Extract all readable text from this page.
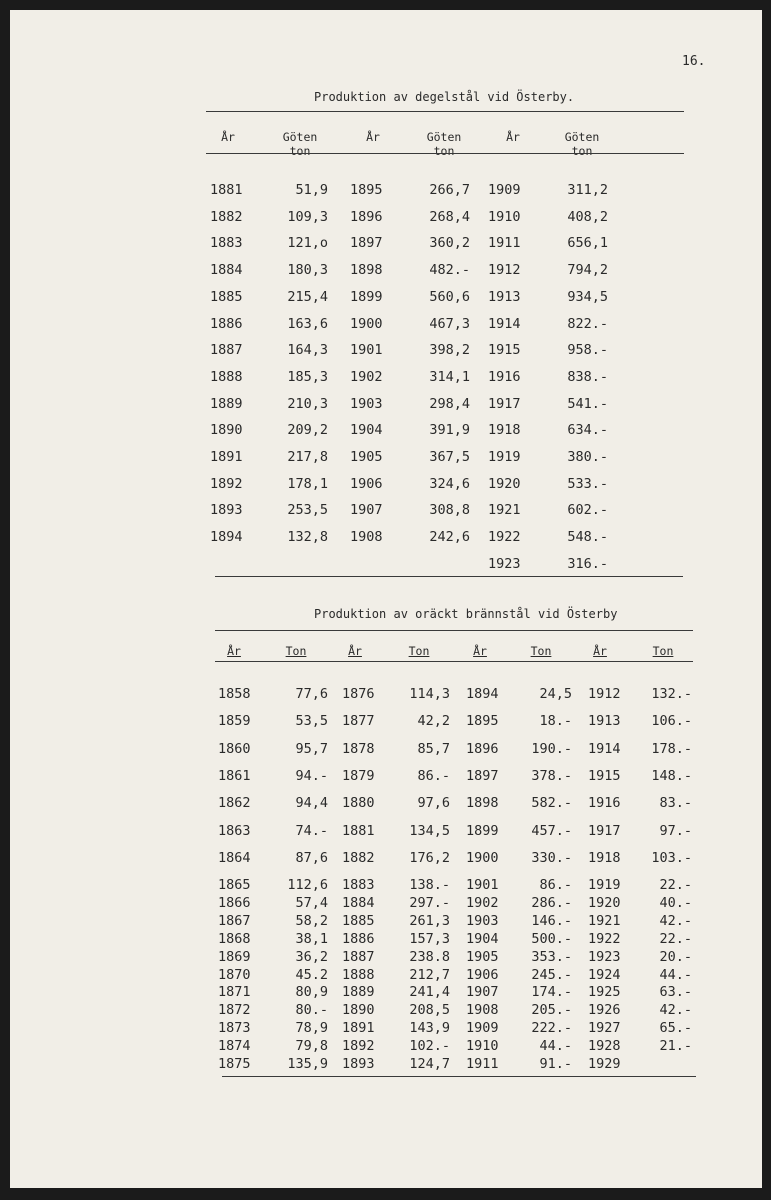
16.
Produktion av degelstål vid Österby.
År	Göten
ton
År	Göten
ton
År	Göten
ton
1881	51,9 1895	266,7 1909	311,2
1882	109,3 1896	268,4 1910	408,2
1883	121,o 1897	360,2 1911	656,1
1884	180,3 1898	482.- 1912	794,2
1885	215,4 1899	560,6 1913	934,5
1886	163,6 1900	467,3 1914	822.-
1887	164,3 1901	398,2 1915	958.-
1888	185,3 1902	314,1 1916	838.-
1889	210,3 1903	298,4 1917	541.-
1890	209,2 1904	391,9 1918	634.-
1891	217,8 1905	367,5 1919	380.-
1892	178,1 1906	324,6 1920	533.-
1893	253,5 1907	308,8 1921	602.-
1894	132,8 1908	242,6 1922	548.-
1923	316.-
Produktion av oräckt brännstål vid Österby
År	Ton	År	Ton	År	Ton	År	Ton
1858	77,6 1876	114,3 1894	24,5 1912	132.-
1859	53,5 1877	42,2 1895	18.- 1913	106.-
1860	95,7 1878	85,7 1896	190.- 1914	178.-
1861	94.- 1879	86.- 1897	378.- 1915	148.-
1862	94,4 1880	97,6 1898	582.- 1916	83.-
1863	74.- 1881	134,5 1899	457.- 1917	97.-
1864	87,6 1882	176,2 1900	330.- 1918	103.-
1865	112,6 1883	138.- 1901	86.- 1919	22.-
1866	57,4 1884	297.- 1902	286.- 1920	40.-
1867	58,2 1885	261,3 1903	146.- 1921	42.-
1868	38,1 1886	157,3 1904	500.- 1922	22.-
1869	36,2 1887	238.8 1905	353.- 1923	20.-
1870	45.2 1888	212,7 1906	245.- 1924	44.-
1871	80,9 1889	241,4 1907	174.- 1925	63.-
1872	80.- 1890	208,5 1908	205.- 1926	42.-
1873	78,9 1891	143,9 1909	222.- 1927	65.-
1874	79,8 1892	102.- 1910	44.- 1928	21.-
1875	135,9 1893	124,7 1911	91.- 1929
